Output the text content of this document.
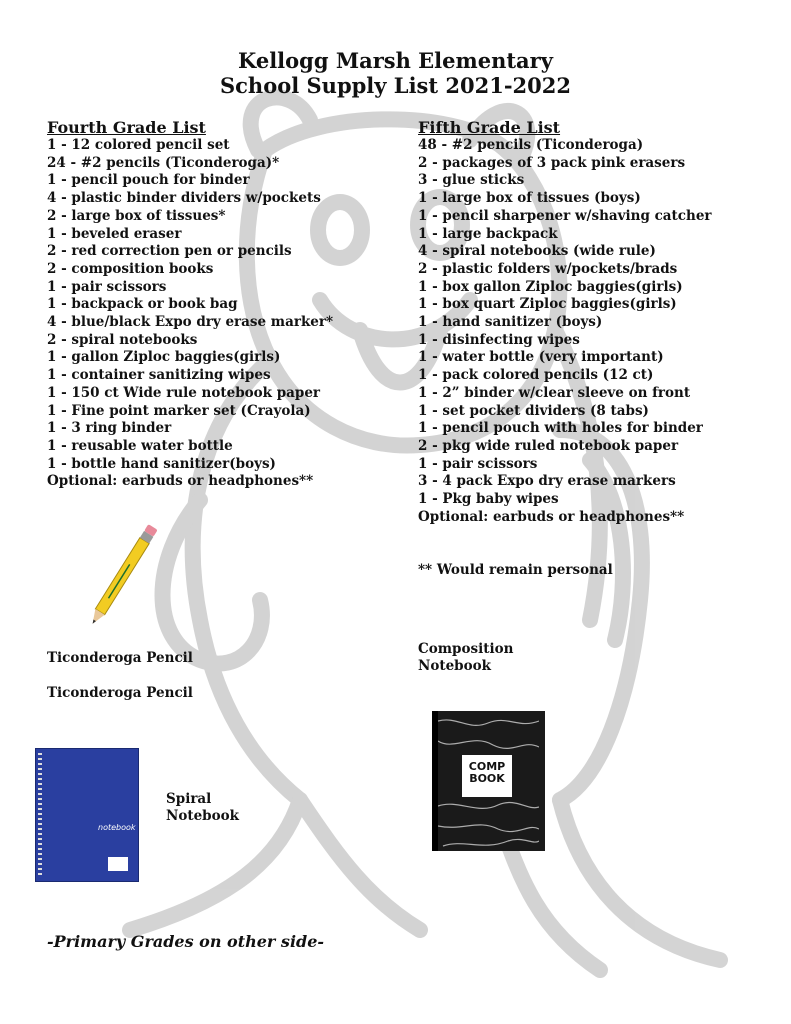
Kellogg Marsh Elementary
School Supply List 2021-2022
Fourth Grade List
1 - 12 colored pencil set
24 - #2 pencils (Ticonderoga)*
1 - pencil pouch for binder
4 - plastic binder dividers w/pockets
2 - large box of tissues*
1 - beveled eraser
2 - red correction pen or pencils
2 - composition books
1 - pair scissors
1 - backpack or book bag
4 - blue/black Expo dry erase marker*
2 - spiral notebooks
1 - gallon Ziploc baggies(girls)
1 - container sanitizing wipes
1 - 150 ct Wide rule notebook paper
1 - Fine point marker set (Crayola)
1 - 3 ring binder
1 - reusable water bottle
1 - bottle hand sanitizer(boys)
Optional: earbuds or headphones**
Fifth Grade List
48 - #2 pencils (Ticonderoga)
2 - packages of 3 pack pink erasers
3 - glue sticks
1 - large box of tissues (boys)
1 - pencil sharpener w/shaving catcher
1 - large backpack
4 - spiral notebooks (wide rule)
2 - plastic folders w/pockets/brads
1 - box gallon Ziploc baggies(girls)
1 - box quart Ziploc baggies(girls)
1 - hand sanitizer (boys)
1 - disinfecting wipes
1 - water bottle (very important)
1 - pack colored pencils (12 ct)
1 - 2” binder w/clear sleeve on front
1 - set pocket dividers (8 tabs)
1 - pencil pouch with holes for binder
2 - pkg wide ruled notebook paper
1 - pair scissors
3 - 4 pack Expo dry erase markers
1 - Pkg baby wipes
Optional: earbuds or headphones**
** Would remain personal
Ticonderoga Pencil
Ticonderoga Pencil
Composition
Notebook
COMP
BOOK
notebook
Spiral
Notebook
-Primary Grades on other side-
